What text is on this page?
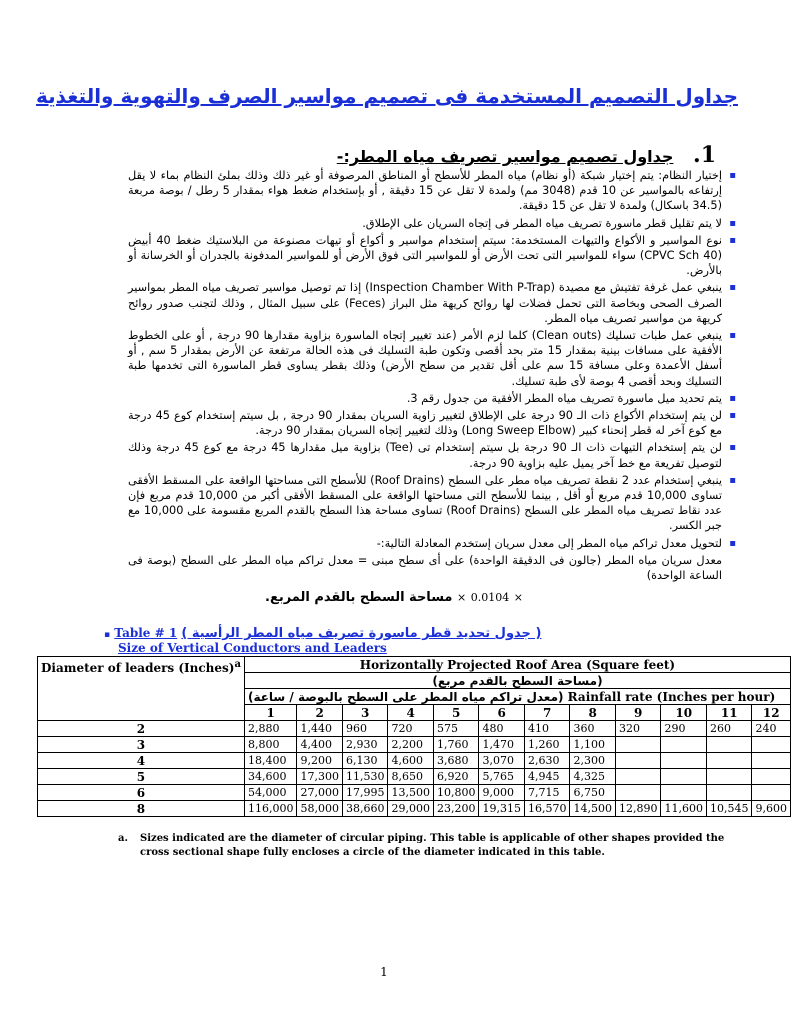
جداول التصميم المستخدمة فى تصميم مواسير الصرف والتهوية والتغذية
1. جداول تصميم مواسير تصريف مياه المطر:-
▪
إختيار النظام: يتم إختيار شبكة (أو نظام) مياه المطر للأسطح أو المناطق المرصوفة أو غير ذلك وذلك بملئ النظام بماء لا يقل إرتفاعه بالمواسير عن 10 قدم (3048 مم) ولمدة لا تقل عن 15 دقيقة , أو بإستخدام ضغط هواء بمقدار 5 رطل / بوصة مربعة (34.5 باسكال) ولمدة لا تقل عن 15 دقيقة.
▪
لا يتم تقليل قطر ماسورة تصريف مياه المطر فى إتجاه السريان على الإطلاق.
▪
نوع المواسير و الأكواع والتيهات المستخدمة: سيتم إستخدام مواسير و أكواع أو تيهات مصنوعة من البلاستيك ضغط 40 أبيض (CPVC Sch 40) سواء للمواسير التى تحت الأرض أو للمواسير التى فوق الأرض أو للمواسير المدفونة بالجدران أو الخرسانة أو بالأرض.
▪
ينبغي عمل غرفة تفتيش مع مصيدة (Inspection Chamber With P-Trap) إذا تم توصيل مواسير تصريف مياه المطر بمواسير الصرف الصحى وبخاصة التى تحمل فضلات لها روائح كريهة مثل البراز (Feces) على سبيل المثال , وذلك لتجنب صدور روائح كريهة من مواسير تصريف مياه المطر.
▪
ينبغي عمل طبات تسليك (Clean outs) كلما لزم الأمر (عند تغيير إتجاه الماسورة بزاوية مقدارها 90 درجة , أو على الخطوط الأفقية على مسافات بينية بمقدار 15 متر بحد أقصى وتكون طبة التسليك فى هذه الحالة مرتفعة عن الأرض بمقدار 5 سم , أو أسفل الأعمدة وعلى مسافة 15 سم على أقل تقدير من سطح الأرض) وذلك بقطر يساوى قطر الماسورة التى تخدمها طبة التسليك وبحد أقصى 4 بوصة لأى طبة تسليك.
▪
يتم تحديد ميل ماسورة تصريف مياه المطر الأفقية من جدول رقم 3.
▪
لن يتم إستخدام الأكواع ذات الـ 90 درجة على الإطلاق لتغيير زاوية السريان بمقدار 90 درجة , بل سيتم إستخدام كوع 45 درجة مع كوع آخر له قطر إنحناء كبير (Long Sweep Elbow) وذلك لتغيير إتجاه السريان بمقدار 90 درجة.
▪
لن يتم إستخدام التيهات ذات الـ 90 درجة بل سيتم إستخدام تى (Tee) بزاوية ميل مقدارها 45 درجة مع كوع 45 درجة وذلك لتوصيل تفريعة مع خط آخر يميل عليه بزاوية 90 درجة.
▪
ينبغي إستخدام عدد 2 نقطة تصريف مياه مطر على السطح (Roof Drains) للأسطح التى مساحتها الواقعة على المسقط الأفقى تساوى 10,000 قدم مربع أو أقل , بينما للأسطح التى مساحتها الواقعة على المسقط الأفقى أكبر من 10,000 قدم مربع فإن عدد نقاط تصريف مياه المطر على السطح (Roof Drains) تساوى مساحة هذا السطح بالقدم المربع مقسومة على 10,000 مع جبر الكسر.
▪
لتحويل معدل تراكم مياه المطر إلى معدل سريان إستخدم المعادلة التالية:-
معدل سريان مياه المطر (جالون فى الدقيقة الواحدة) على أى سطح مبنى = معدل تراكم مياه المطر على السطح (بوصة فى الساعة الواحدة)
× 0.0104 × مساحة السطح بالقدم المربع.
▪ Table # 1 ( جدول تحديد قطر ماسورة تصريف مياه المطر الرأسية )
Size of Vertical Conductors and Leaders
Diameter of leaders (Inches)$^a$	Horizontally Projected Roof Area (Square feet)											
	(مساحة السطح بالقدم مربع)											
	(معدل تراكم مياه المطر على السطح بالبوصة / ساعة) Rainfall rate (Inches per hour)											
	1	2	3	4	5	6	7	8	9	10	11	12
2	2,880	1,440	960	720	575	480	410	360	320	290	260	240
3	8,800	4,400	2,930	2,200	1,760	1,470	1,260	1,100				
4	18,400	9,200	6,130	4,600	3,680	3,070	2,630	2,300				
5	34,600	17,300	11,530	8,650	6,920	5,765	4,945	4,325				
6	54,000	27,000	17,995	13,500	10,800	9,000	7,715	6,750				
8	116,000	58,000	38,660	29,000	23,200	19,315	16,570	14,500	12,890	11,600	10,545	9,600
a. Sizes indicated are the diameter of circular piping. This table is applicable of other shapes provided the cross sectional shape fully encloses a circle of the diameter indicated in this table.
1
